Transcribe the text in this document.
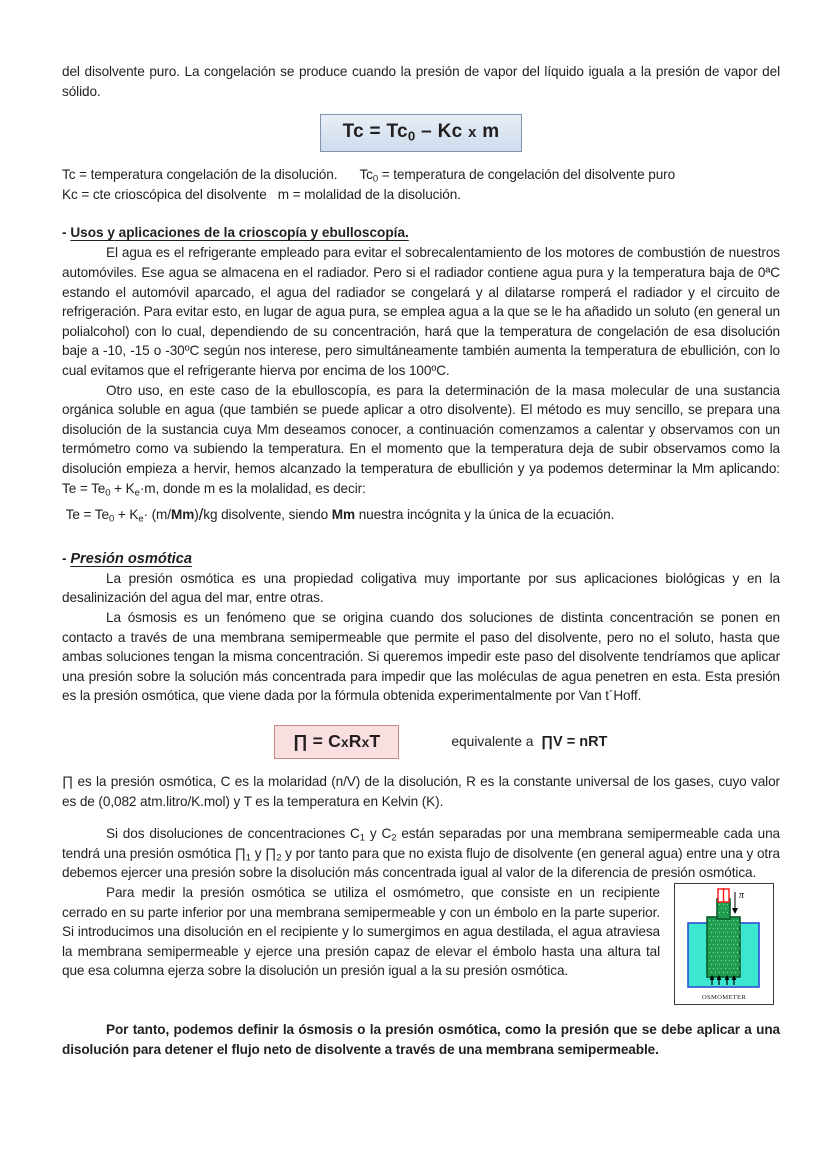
del disolvente puro. La congelación se produce cuando la presión de vapor del líquido iguala a la presión de vapor del sólido.

$Tc = Tc_0 - Kc$ x m
Tc = temperatura congelación de la disolución. $Tc_0$ = temperatura de congelación del disolvente puro
Kc = cte crioscópica del disolvente m = molalidad de la disolución.
- Usos y aplicaciones de la crioscopía y ebulloscopía.

El agua es el refrigerante empleado para evitar el sobrecalentamiento de los motores de combustión de nuestros automóviles. Ese agua se almacena en el radiador. Pero si el radiador contiene agua pura y la temperatura baja de 0ªC estando el automóvil aparcado, el agua del radiador se congelará y al dilatarse romperá el radiador y el circuito de refrigeración. Para evitar esto, en lugar de agua pura, se emplea agua a la que se le ha añadido un soluto (en general un polialcohol) con lo cual, dependiendo de su concentración, hará que la temperatura de congelación de esa disolución baje a -10, -15 o -30ºC según nos interese, pero simultáneamente también aumenta la temperatura de ebullición, con lo cual evitamos que el refrigerante hierva por encima de los 100ºC.

Otro uso, en este caso de la ebulloscopía, es para la determinación de la masa molecular de una sustancia orgánica soluble en agua (que también se puede aplicar a otro disolvente). El método es muy sencillo, se prepara una disolución de la sustancia cuya Mm deseamos conocer, a continuación comenzamos a calentar y observamos con un termómetro como va subiendo la temperatura. En el momento que la temperatura deja de subir observamos como la disolución empieza a hervir, hemos alcanzado la temperatura de ebullición y ya podemos determinar la Mm aplicando: $Te = Te_0 + K_e\cdot m$, donde m es la molalidad, es decir:

$Te = Te_0 + K_e\cdot (m/Mm)/kg$ disolvente, siendo Mm nuestra incógnita y la única de la ecuación.
- Presión osmótica

La presión osmótica es una propiedad coligativa muy importante por sus aplicaciones biológicas y en la desalinización del agua del mar, entre otras.

La ósmosis es un fenómeno que se origina cuando dos soluciones de distinta concentración se ponen en contacto a través de una membrana semipermeable que permite el paso del disolvente, pero no el soluto, hasta que ambas soluciones tengan la misma concentración. Si queremos impedir este paso del disolvente tendríamos que aplicar una presión sobre la solución más concentrada para impedir que las moléculas de agua penetren en esta. Esta presión es la presión osmótica, que viene dada por la fórmula obtenida experimentalmente por Van t´Hoff.

∏ = CxRxT	equivalente a ∏V = nRT

∏ es la presión osmótica, C es la molaridad (n/V) de la disolución, R es la constante universal de los gases, cuyo valor es de (0,082 atm.litro/K.mol) y T es la temperatura en Kelvin (K).

Si dos disoluciones de concentraciones $C_1$ y $C_2$ están separadas por una membrana semipermeable cada una tendrá una presión osmótica $\prod_1$ y $\prod_2$ y por tanto para que no exista flujo de disolvente (en general agua) entre una y otra debemos ejercer una presión sobre la disolución más concentrada igual al valor de la diferencia de presión osmótica.

π
OSMOMETER

Para medir la presión osmótica se utiliza el osmómetro, que consiste en un recipiente cerrado en su parte inferior por una membrana semipermeable y con un émbolo en la parte superior. Si introducimos una disolución en el recipiente y lo sumergimos en agua destilada, el agua atraviesa la membrana semipermeable y ejerce una presión capaz de elevar el émbolo hasta una altura tal que esa columna ejerza sobre la disolución un presión igual a la su presión osmótica.

Por tanto, podemos definir la ósmosis o la presión osmótica, como la presión que se debe aplicar a una disolución para detener el flujo neto de disolvente a través de una membrana semipermeable.
